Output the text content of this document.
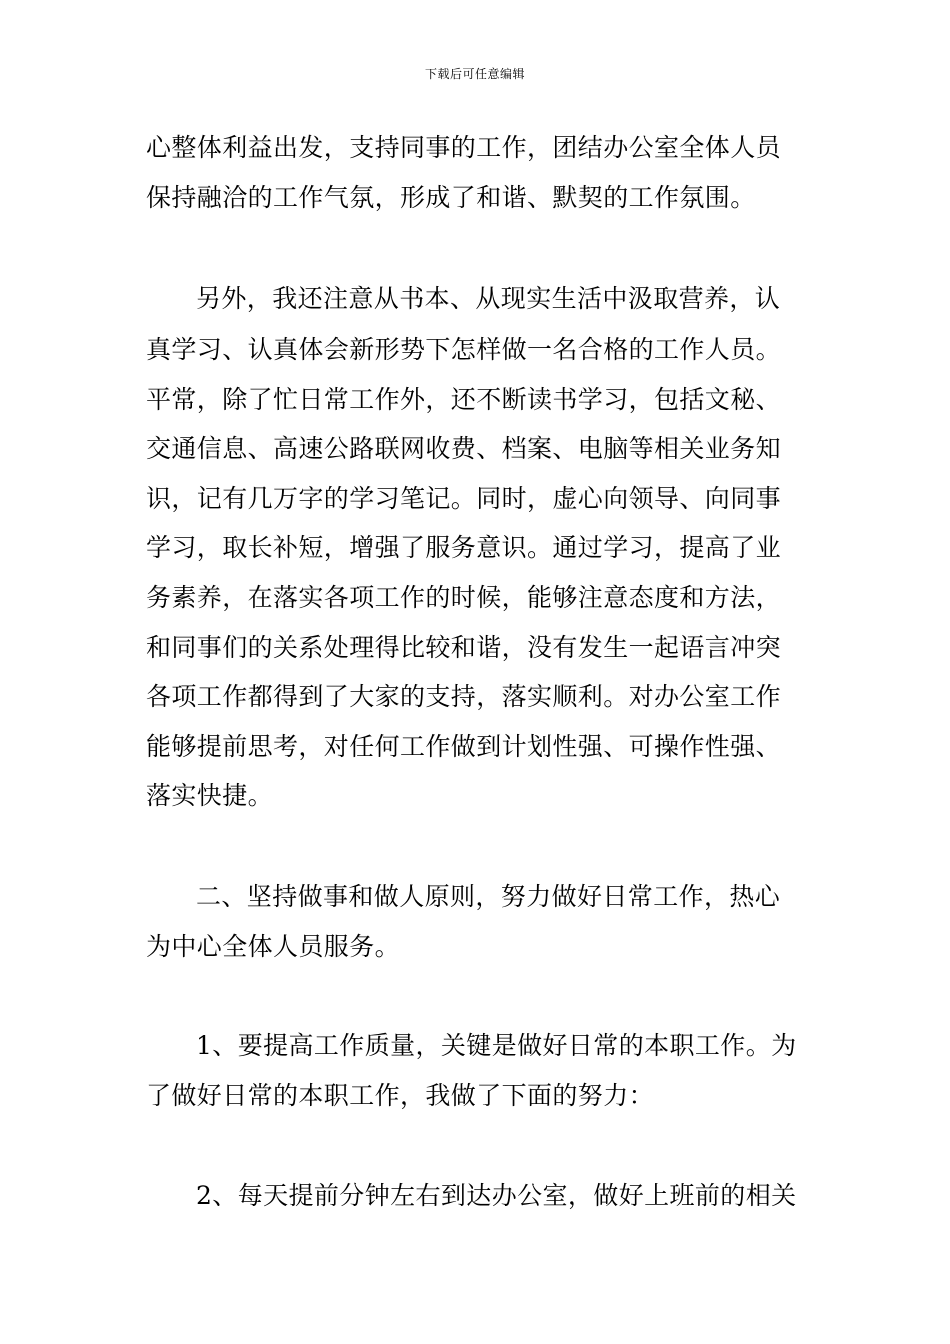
下载后可任意编辑
心整体利益出发，支持同事的工作，团结办公室全体人员
保持融洽的工作气氛，形成了和谐、默契的工作氛围。
另外，我还注意从书本、从现实生活中汲取营养，认
真学习、认真体会新形势下怎样做一名合格的工作人员。
平常，除了忙日常工作外，还不断读书学习，包括文秘、
交通信息、高速公路联网收费、档案、电脑等相关业务知
识，记有几万字的学习笔记。同时，虚心向领导、向同事
学习，取长补短，增强了服务意识。通过学习，提高了业
务素养，在落实各项工作的时候，能够注意态度和方法，
和同事们的关系处理得比较和谐，没有发生一起语言冲突
各项工作都得到了大家的支持，落实顺利。对办公室工作
能够提前思考，对任何工作做到计划性强、可操作性强、
落实快捷。
二、坚持做事和做人原则，努力做好日常工作，热心
为中心全体人员服务。
1、要提高工作质量，关键是做好日常的本职工作。为
了做好日常的本职工作，我做了下面的努力：
2、每天提前分钟左右到达办公室，做好上班前的相关
